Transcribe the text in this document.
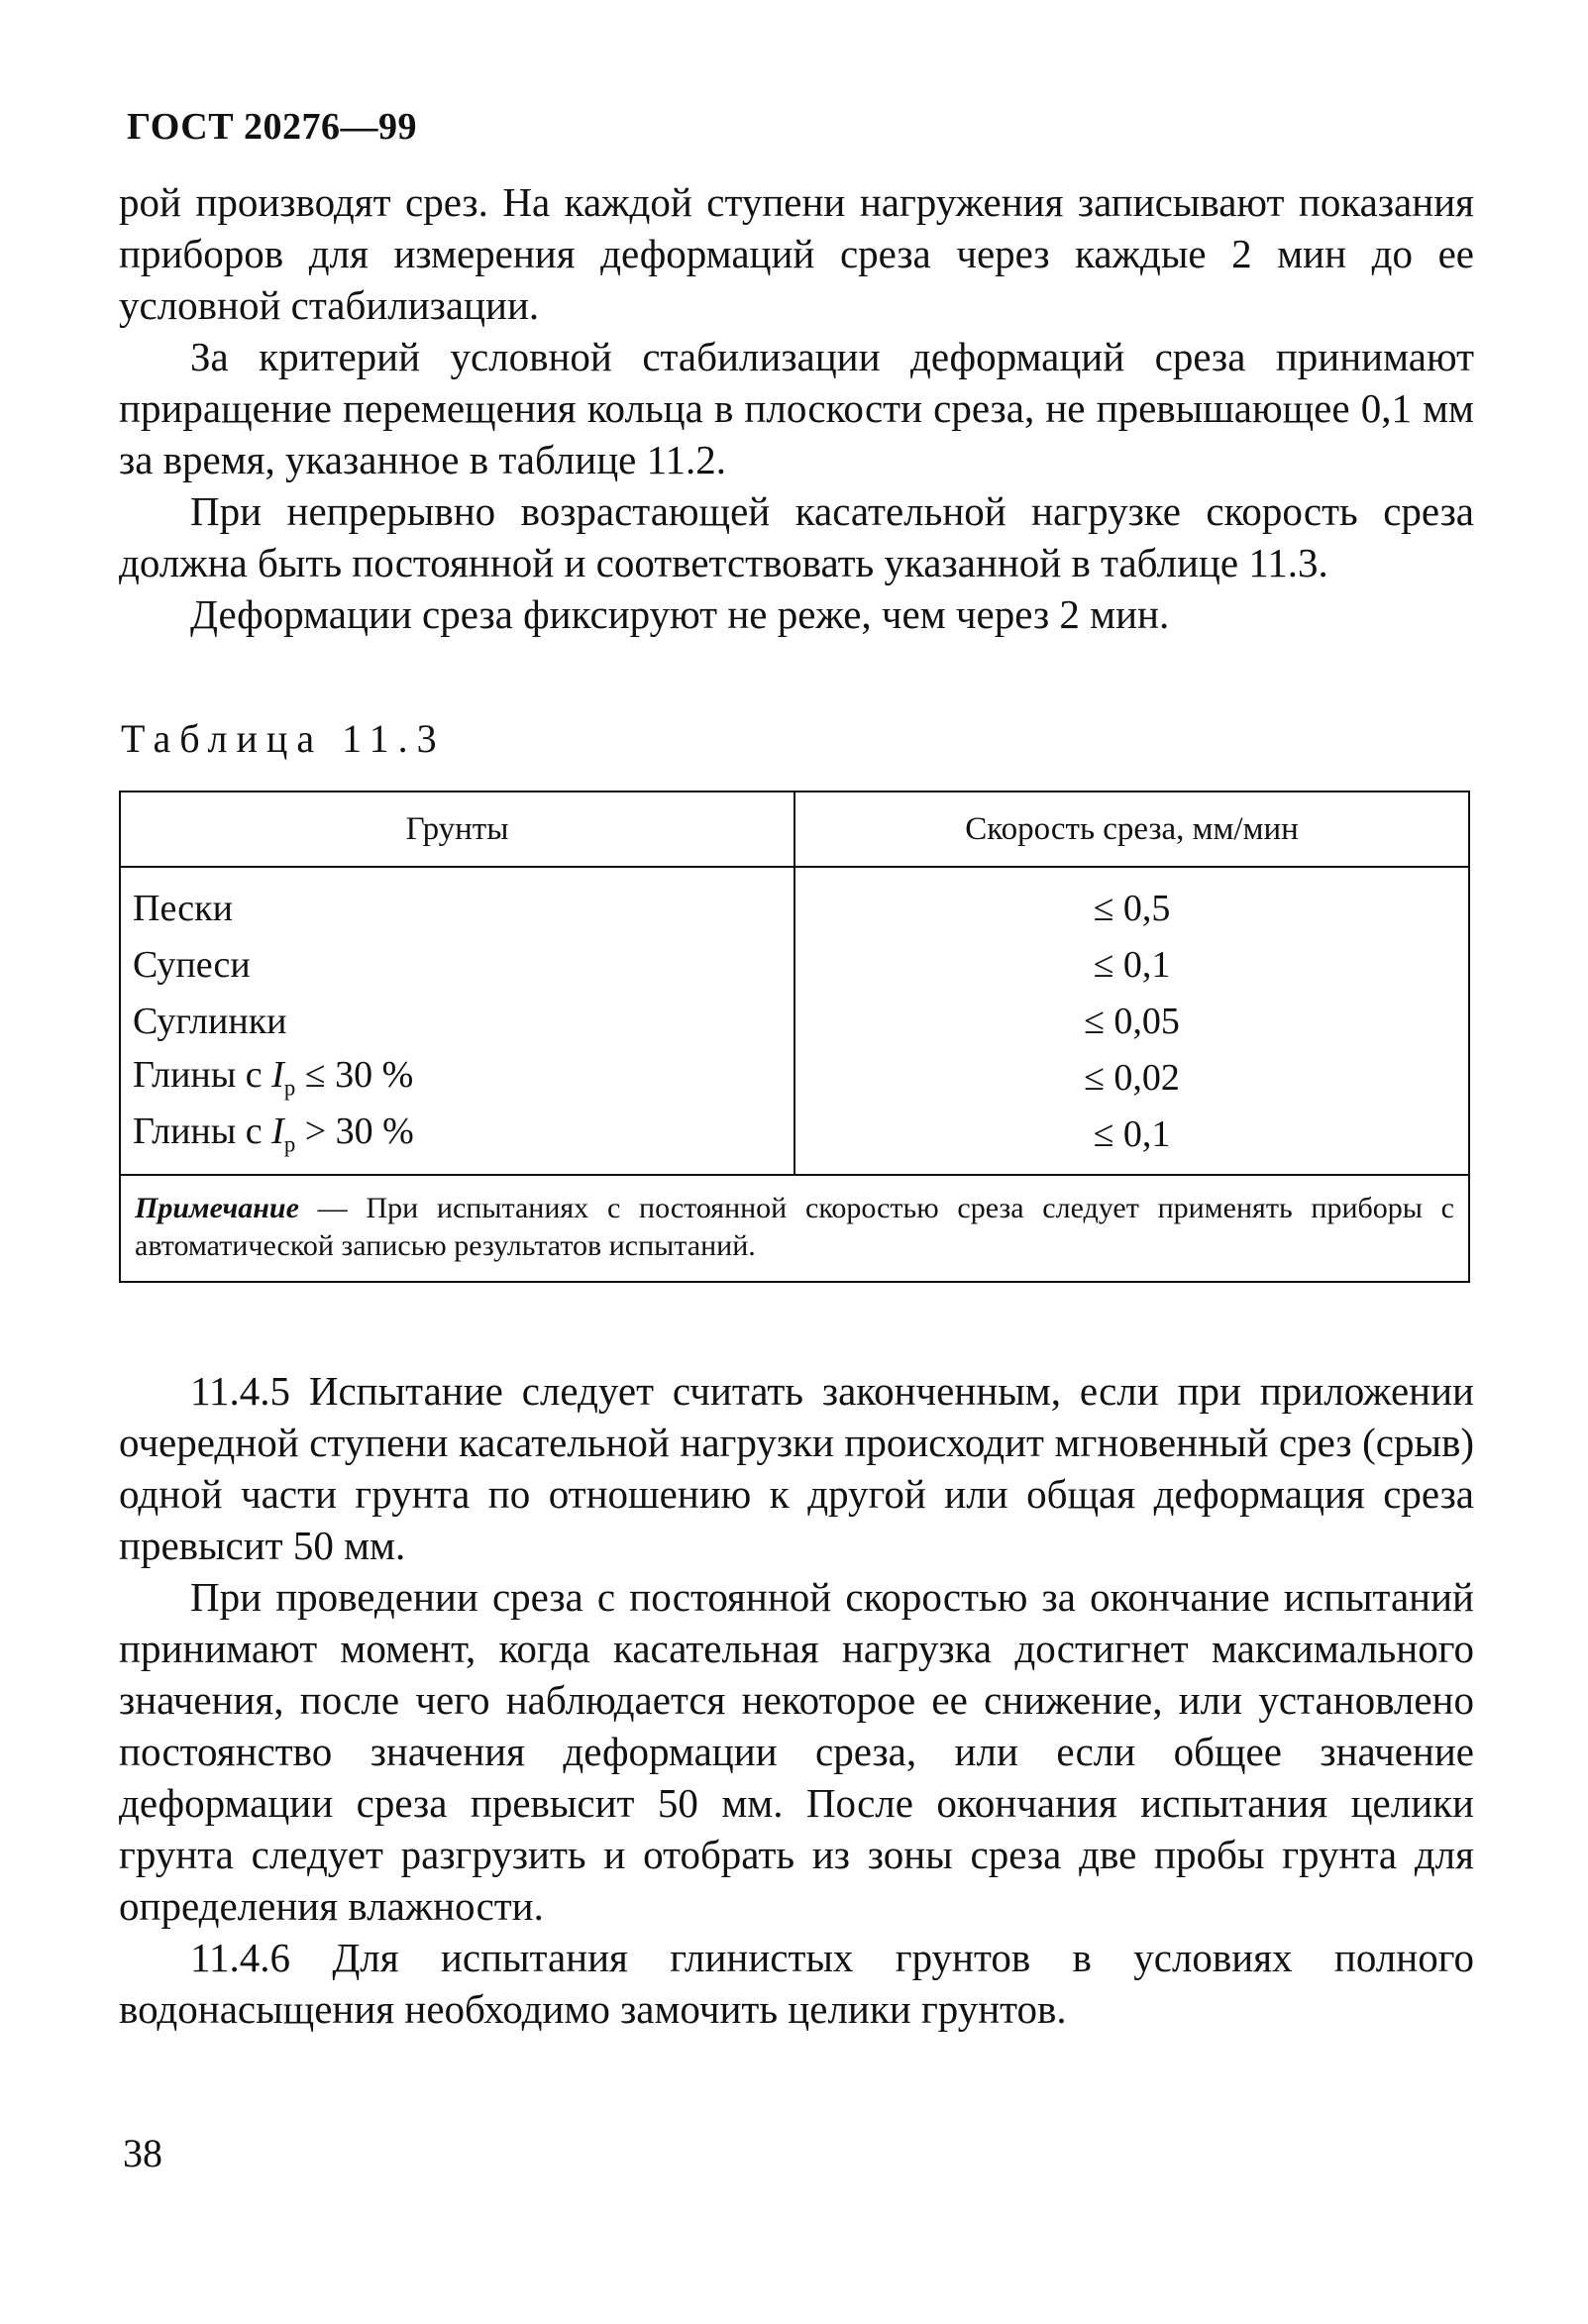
ГОСТ 20276—99

рой производят срез. На каждой ступени нагружения записывают показания приборов для измерения деформаций среза через каждые 2 мин до ее условной стабилизации.

За критерий условной стабилизации деформаций среза принимают приращение перемещения кольца в плоскости среза, не превышающее 0,1 мм за время, указанное в таблице 11.2.

При непрерывно возрастающей касательной нагрузке скорость среза должна быть постоянной и соответствовать указанной в таблице 11.3.

Деформации среза фиксируют не реже, чем через 2 мин.

Таблица 11.3
Грунты	Скорость среза, мм/мин
Пески	≤ 0,5
Супеси	≤ 0,1
Суглинки	≤ 0,05
Глины с $I_p \le 30$ %	≤ 0,02
Глины с $I_p > 30$ %	≤ 0,1
Примечание — При испытаниях с постоянной скоростью среза следует применять приборы с автоматической записью результатов испытаний.	

11.4.5 Испытание следует считать законченным, если при приложении очередной ступени касательной нагрузки происходит мгновенный срез (срыв) одной части грунта по отношению к другой или общая деформация среза превысит 50 мм.

При проведении среза с постоянной скоростью за окончание испытаний принимают момент, когда касательная нагрузка достигнет максимального значения, после чего наблюдается некоторое ее снижение, или установлено постоянство значения деформации среза, или если общее значение деформации среза превысит 50 мм. После окончания испытания целики грунта следует разгрузить и отобрать из зоны среза две пробы грунта для определения влажности.

11.4.6 Для испытания глинистых грунтов в условиях полного водонасыщения необходимо замочить целики грунтов.

38
